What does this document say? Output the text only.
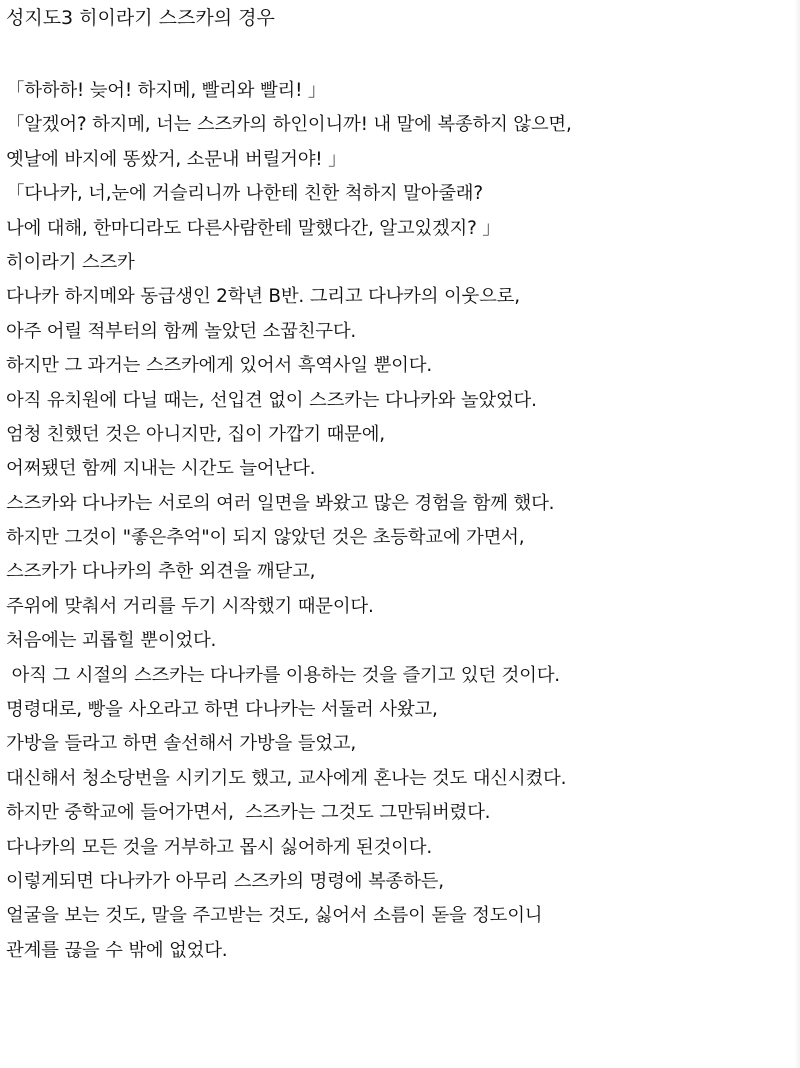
성지도3 히이라기 스즈카의 경우
「하하하! 늦어! 하지메, 빨리와 빨리! 」
「알겠어? 하지메, 너는 스즈카의 하인이니까! 내 말에 복종하지 않으면,
옛날에 바지에 똥쌌거, 소문내 버릴거야! 」
「다나카, 너,눈에 거슬리니까 나한테 친한 척하지 말아줄래?
나에 대해, 한마디라도 다른사람한테 말했다간, 알고있겠지? 」
히이라기 스즈카
다나카 하지메와 동급생인 2학년 B반. 그리고 다나카의 이웃으로,
아주 어릴 적부터의 함께 놀았던 소꿉친구다.
하지만 그 과거는 스즈카에게 있어서 흑역사일 뿐이다.
아직 유치원에 다닐 때는, 선입견 없이 스즈카는 다나카와 놀았었다.
엄청 친했던 것은 아니지만, 집이 가깝기 때문에,
어쩌됐던 함께 지내는 시간도 늘어난다.
스즈카와 다나카는 서로의 여러 일면을 봐왔고 많은 경험을 함께 했다.
하지만 그것이 "좋은추억"이 되지 않았던 것은 초등학교에 가면서,
스즈카가 다나카의 추한 외견을 깨닫고,
주위에 맞춰서 거리를 두기 시작했기 때문이다.
처음에는 괴롭힐 뿐이었다.
아직 그 시절의 스즈카는 다나카를 이용하는 것을 즐기고 있던 것이다.
명령대로, 빵을 사오라고 하면 다나카는 서둘러 사왔고,
가방을 들라고 하면 솔선해서 가방을 들었고,
대신해서 청소당번을 시키기도 했고, 교사에게 혼나는 것도 대신시켰다.
하지만 중학교에 들어가면서,  스즈카는 그것도 그만둬버렸다.
다나카의 모든 것을 거부하고 몹시 싫어하게 된것이다.
이렇게되면 다나카가 아무리 스즈카의 명령에 복종하든,
얼굴을 보는 것도, 말을 주고받는 것도, 싫어서 소름이 돋을 정도이니
관계를 끊을 수 밖에 없었다.
